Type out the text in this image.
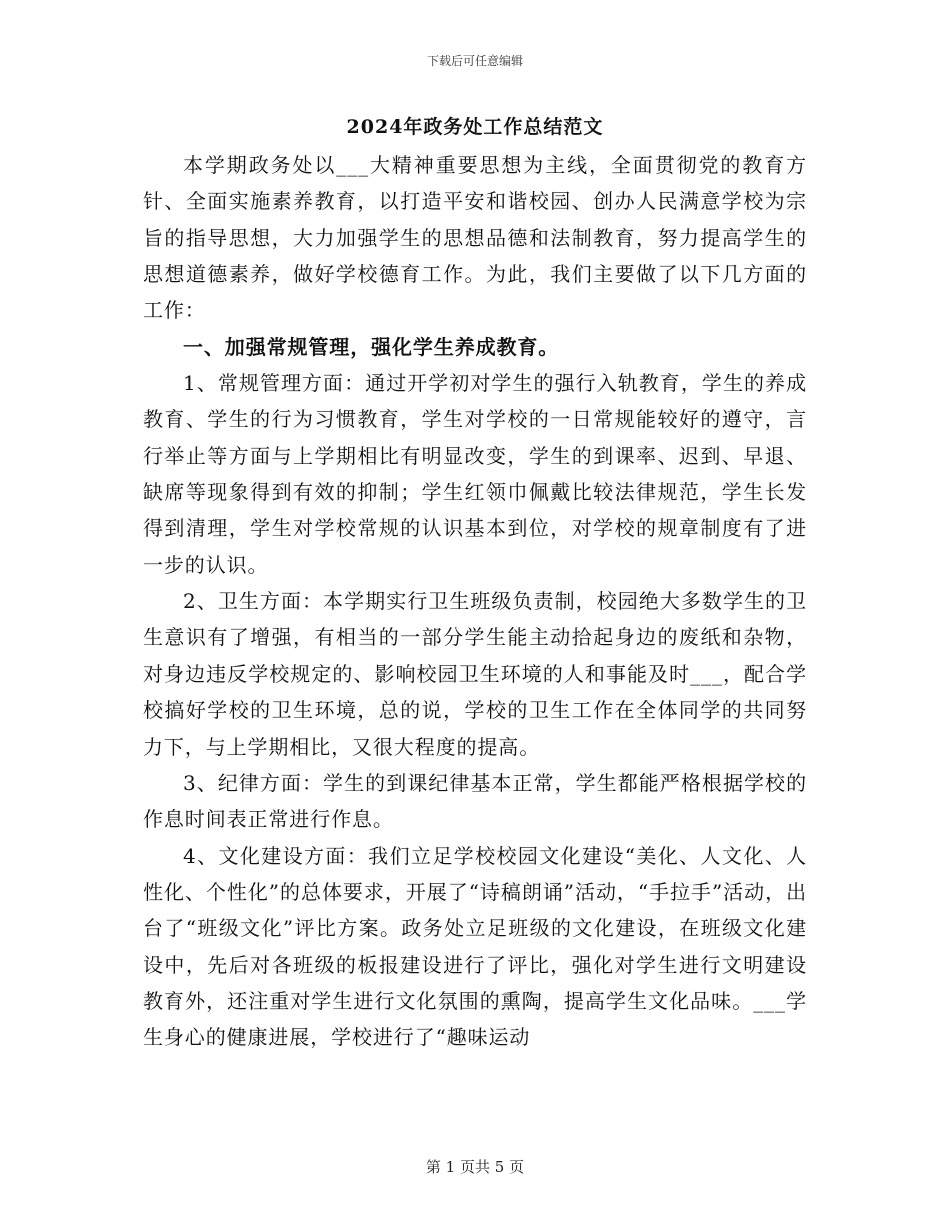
下载后可任意编辑
2024年政务处工作总结范文

本学期政务处以___大精神重要思想为主线，全面贯彻党的教育方针、全面实施素养教育，以打造平安和谐校园、创办人民满意学校为宗旨的指导思想，大力加强学生的思想品德和法制教育，努力提高学生的思想道德素养，做好学校德育工作。为此，我们主要做了以下几方面的工作：

一、加强常规管理，强化学生养成教育。

1、常规管理方面：通过开学初对学生的强行入轨教育，学生的养成教育、学生的行为习惯教育，学生对学校的一日常规能较好的遵守，言行举止等方面与上学期相比有明显改变，学生的到课率、迟到、早退、缺席等现象得到有效的抑制；学生红领巾佩戴比较法律规范，学生长发得到清理，学生对学校常规的认识基本到位，对学校的规章制度有了进一步的认识。

2、卫生方面：本学期实行卫生班级负责制，校园绝大多数学生的卫生意识有了增强，有相当的一部分学生能主动拾起身边的废纸和杂物，对身边违反学校规定的、影响校园卫生环境的人和事能及时___，配合学校搞好学校的卫生环境，总的说，学校的卫生工作在全体同学的共同努力下，与上学期相比，又很大程度的提高。

3、纪律方面：学生的到课纪律基本正常，学生都能严格根据学校的作息时间表正常进行作息。

4、文化建设方面：我们立足学校校园文化建设“美化、人文化、人性化、个性化”的总体要求，开展了“诗稿朗诵”活动，“手拉手”活动，出台了“班级文化”评比方案。政务处立足班级的文化建设，在班级文化建设中，先后对各班级的板报建设进行了评比，强化对学生进行文明建设教育外，还注重对学生进行文化氛围的熏陶，提高学生文化品味。___学生身心的健康进展，学校进行了“趣味运动

第 1 页共 5 页
